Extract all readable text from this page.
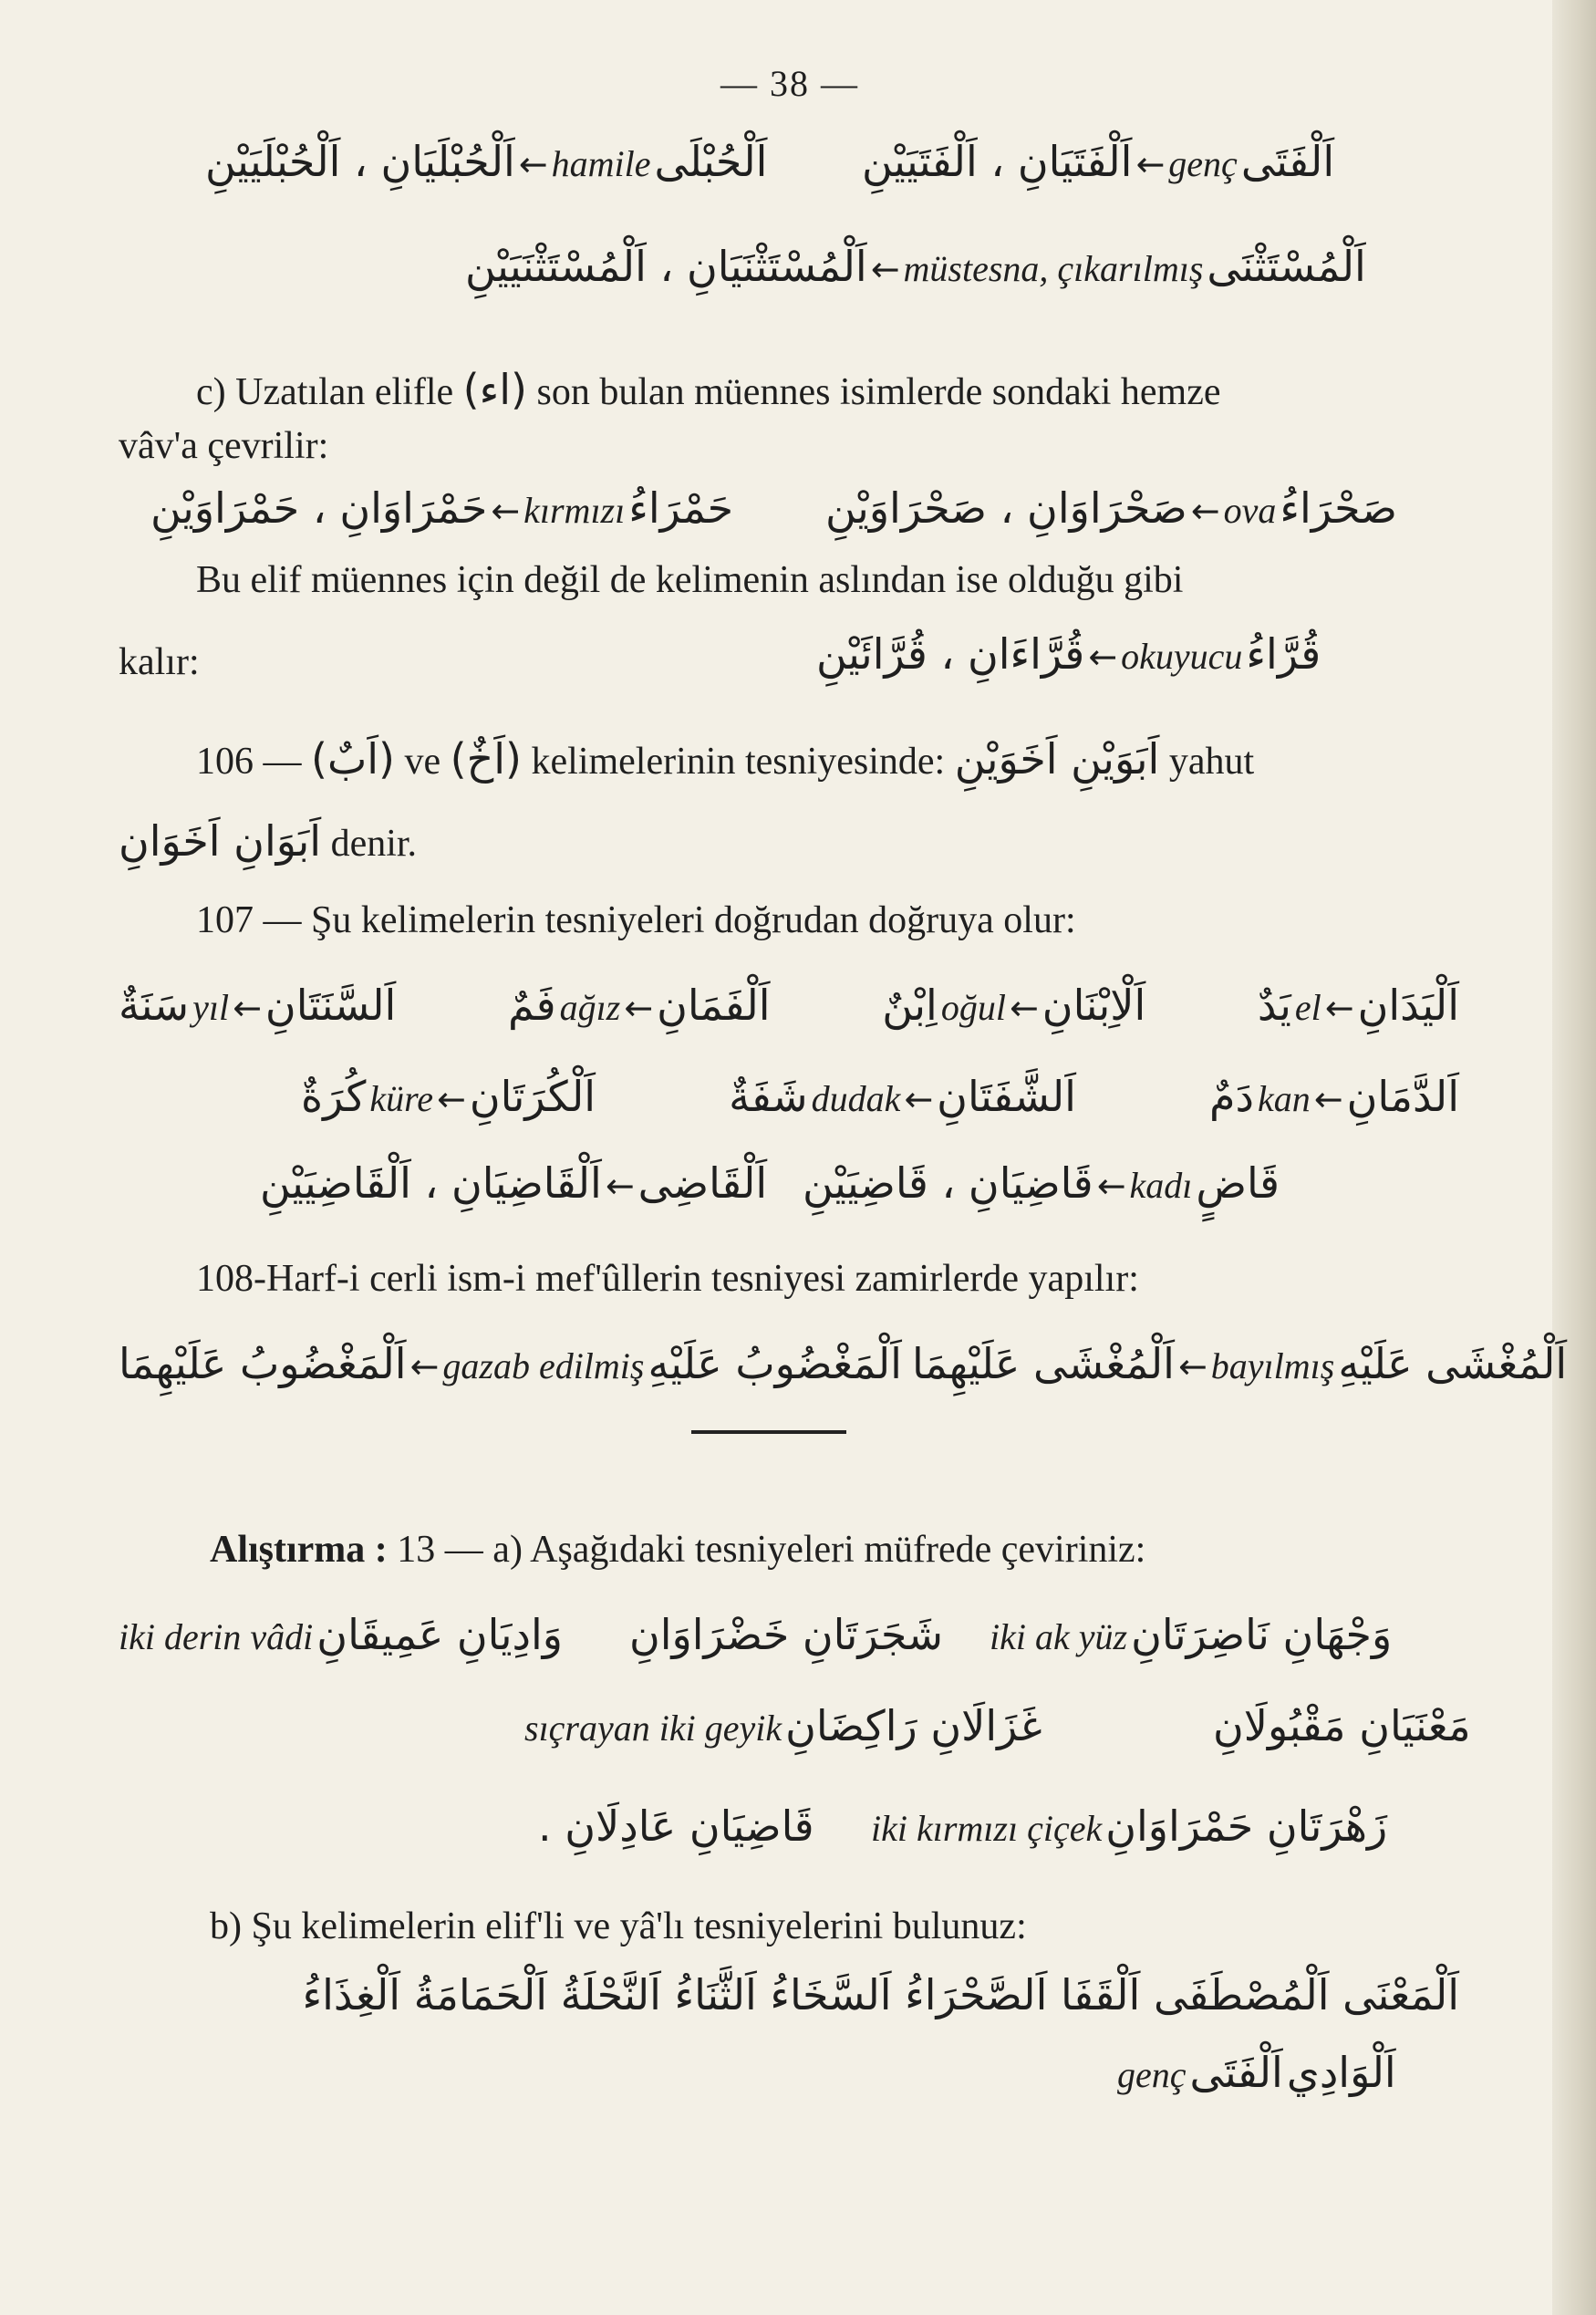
— 38 —
اَلْحُبْلَيَانِ ، اَلْحُبْلَيَيْنِ ← hamile اَلْحُبْلَى اَلْفَتَيَانِ ، اَلْفَتَيَيْنِ ← genç اَلْفَتَى
اَلْمُسْتَثْنَيَانِ ، اَلْمُسْتَثْنَيَيْنِ ← müstesna, çıkarılmış اَلْمُسْتَثْنَى
c) Uzatılan elifle (اء) son bulan müennes isimlerde sondaki hemze
vâv'a çevrilir:
حَمْرَاوَانِ ، حَمْرَاوَيْنِ ← kırmızı حَمْرَاءُ صَحْرَاوَانِ ، صَحْرَاوَيْنِ ← ova صَحْرَاءُ
Bu elif müennes için değil de kelimenin aslından ise olduğu gibi
kalır:	قُرَّاءَانِ ، قُرَّائَيْنِ ← okuyucu قُرَّاءُ
106 — (اَبٌ) ve (اَخٌ) kelimelerinin tesniyesinde: اَبَوَيْنِ اَخَوَيْنِ yahut
اَبَوَانِ اَخَوَانِ denir.
107 — Şu kelimelerin tesniyeleri doğrudan doğruya olur:
يَدٌ el ← اَلْيَدَانِ
اِبْنٌ oğul ← اَلْاِبْنَانِ
فَمٌ ağız ← اَلْفَمَانِ
سَنَةٌ yıl ← اَلسَّنَتَانِ
دَمٌ kan ← اَلدَّمَانِ
شَفَةٌ dudak ← اَلشَّفَتَانِ
كُرَةٌ küre ← اَلْكُرَتَانِ
اَلْقَاضِيَانِ ، اَلْقَاضِيَيْنِ ← اَلْقَاضِى قَاضِيَانِ ، قَاضِيَيْنِ ← kadı قَاضٍ
108-Harf-i cerli ism-i mef'ûllerin tesniyesi zamirlerde yapılır:
اَلْمَغْضُوبُ عَلَيْهِمَا ← gazab edilmiş اَلْمَغْضُوبُ عَلَيْهِ اَلْمُغْشَى عَلَيْهِمَا ← bayılmış اَلْمُغْشَى عَلَيْهِ
Alıştırma : 13 — a) Aşağıdaki tesniyeleri müfrede çeviriniz:
iki derin vâdi وَادِيَانِ عَمِيقَانِ شَجَرَتَانِ خَضْرَاوَانِ iki ak yüz وَجْهَانِ نَاضِرَتَانِ
sıçrayan iki geyik غَزَالَانِ رَاكِضَانِ	مَعْنَيَانِ مَقْبُولَانِ
قَاضِيَانِ عَادِلَانِ . iki kırmızı çiçek زَهْرَتَانِ حَمْرَاوَانِ
b) Şu kelimelerin elif'li ve yâ'lı tesniyelerini bulunuz:
اَلْمَعْنَى اَلْمُصْطَفَى اَلْقَفَا اَلصَّحْرَاءُ اَلسَّخَاءُ اَلثَّنَاءُ اَلنَّحْلَةُ اَلْحَمَامَةُ اَلْغِذَاءُ
genç اَلْفَتَى اَلْوَادِي
